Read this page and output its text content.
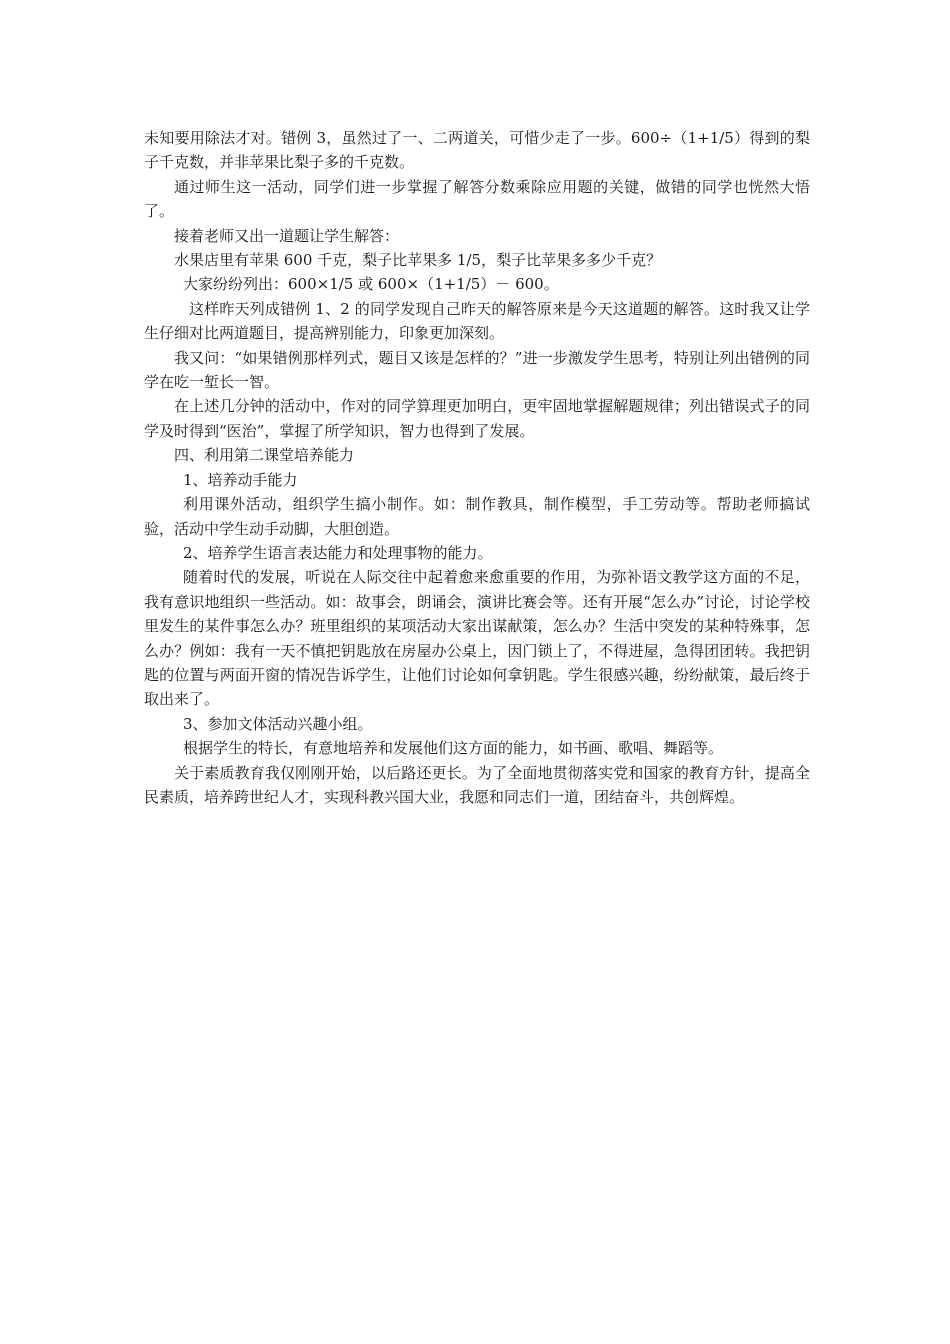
未知要用除法才对。错例 3，虽然过了一、二两道关，可惜少走了一步。600÷（1+1/5）得到的梨子千克数，并非苹果比梨子多的千克数。

通过师生这一活动，同学们进一步掌握了解答分数乘除应用题的关键，做错的同学也恍然大悟了。

接着老师又出一道题让学生解答：

水果店里有苹果 600 千克，梨子比苹果多 1/5，梨子比苹果多多少千克？

大家纷纷列出：600×1/5 或 600×（1+1/5）－ 600。

这样昨天列成错例 1、2 的同学发现自己昨天的解答原来是今天这道题的解答。这时我又让学生仔细对比两道题目，提高辨别能力，印象更加深刻。

我又问：“如果错例那样列式，题目又该是怎样的？”进一步激发学生思考，特别让列出错例的同学在吃一堑长一智。

在上述几分钟的活动中，作对的同学算理更加明白，更牢固地掌握解题规律；列出错误式子的同学及时得到“医治”，掌握了所学知识，智力也得到了发展。

四、利用第二课堂培养能力

1、培养动手能力

利用课外活动，组织学生搞小制作。如：制作教具，制作模型，手工劳动等。帮助老师搞试验，活动中学生动手动脚，大胆创造。

2、培养学生语言表达能力和处理事物的能力。

随着时代的发展，听说在人际交往中起着愈来愈重要的作用，为弥补语文教学这方面的不足，我有意识地组织一些活动。如：故事会，朗诵会，演讲比赛会等。还有开展“怎么办”讨论，讨论学校里发生的某件事怎么办？班里组织的某项活动大家出谋献策，怎么办？生活中突发的某种特殊事，怎么办？例如：我有一天不慎把钥匙放在房屋办公桌上，因门锁上了，不得进屋，急得团团转。我把钥匙的位置与两面开窗的情况告诉学生，让他们讨论如何拿钥匙。学生很感兴趣，纷纷献策，最后终于取出来了。

3、参加文体活动兴趣小组。

根据学生的特长，有意地培养和发展他们这方面的能力，如书画、歌唱、舞蹈等。

关于素质教育我仅刚刚开始，以后路还更长。为了全面地贯彻落实党和国家的教育方针，提高全民素质，培养跨世纪人才，实现科教兴国大业，我愿和同志们一道，团结奋斗，共创辉煌。
